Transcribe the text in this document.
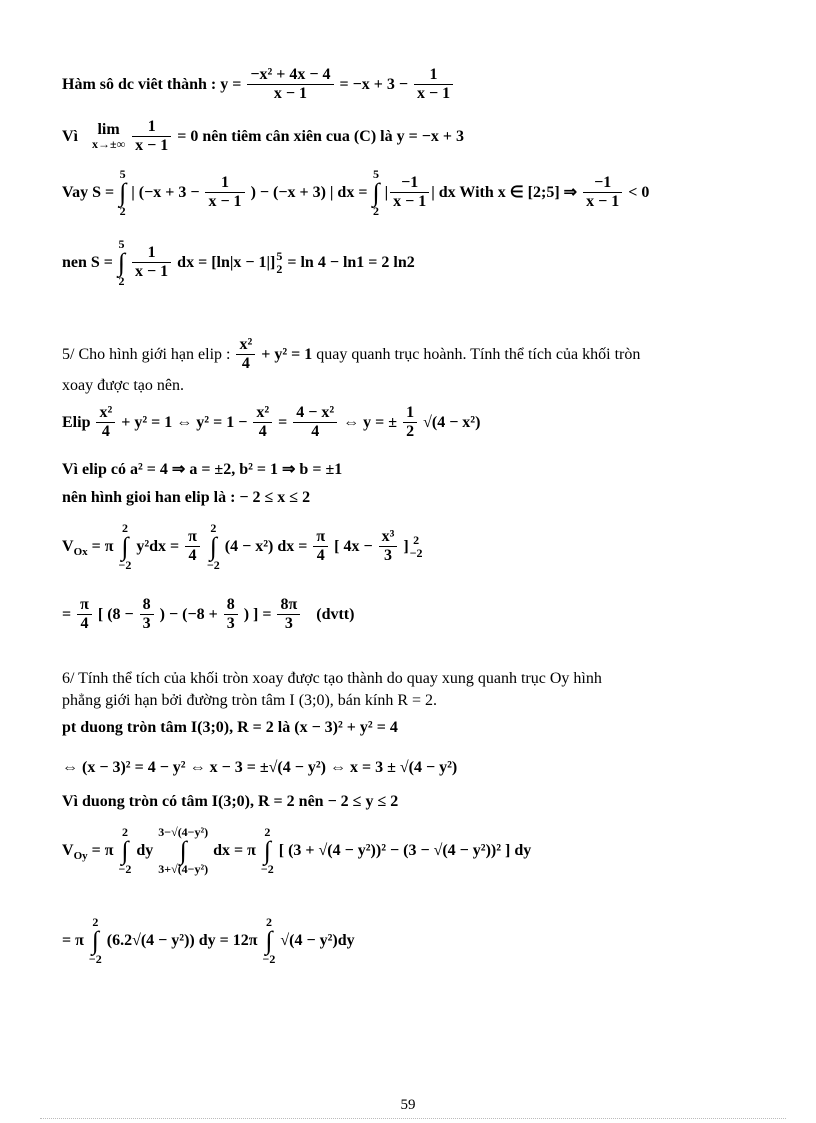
Hàm sô dc viêt thành : $y = \frac{\text{−x² + 4x − 4}}{x - 1} = -x + 3 - \frac{1}{x - 1}$
Vì	lim
x→±∞
$\frac{1}{x - 1} = 0$ nên tiêm cân xiên cua (C) là y = −x + 3
Vay S =
5
∫
2
| ($-x + 3 - \frac{1}{x - 1}$ ) − (−x + 3) | dx =
5
∫
2
| $\frac{-1}{x - 1}$ | dx With x ∈ [2;5] ⇒ $\frac{-1}{x - 1} < 0$
nen S =
5
∫
2
$\frac{1}{x - 1}$ dx = [ln|x − 1|] 5
2 = ln 4 − ln1 = 2 ln2
5/ Cho hình giới hạn elip : $\frac{\text{x²}}{4} + y^2 = 1$ quay quanh trục hoành. Tính thể tích của khối tròn
xoay được tạo nên.
Elip $\frac{\text{x²}}{4} + y^2 = 1$ ⇔ $y^2 = 1 - \frac{\text{x²}}{4} = \frac{\text{4 − x²}}{4}$ ⇔ y = ± $\frac{1}{2} √(4 - x^2)$
Vì elip có a² = 4 ⇒ a = ±2, b² = 1 ⇒ b = ±1
nên hình gioi han elip là : − 2 ≤ x ≤ 2
$V_{Ox} = \pi$
2
∫
−2
$y^2dx = \frac{\pi}{4}$
2
∫
−2
(4 − x²) dx = $\frac{\pi}{4}$ [ $4x - \frac{\text{x³}}{3}$ ] 2
−2
= $\frac{\pi}{4}$ [ ($8 - \frac{8}{3}$ ) − ($-8 + \frac{8}{3}$ ) ] = $\frac{8\pi}{3}$ (dvtt)
6/ Tính thể tích của khối tròn xoay được tạo thành do quay xung quanh trục Oy hình
phẳng giới hạn bởi đường tròn tâm I (3;0), bán kính R = 2.
pt duong tròn tâm I(3;0), R = 2 là (x − 3)² + y² = 4
⇔ (x − 3)² = 4 − y² ⇔ x − 3 = ±√(4 − y²) ⇔ x = 3 ± √(4 − y²)
Vì duong tròn có tâm I(3;0), R = 2 nên − 2 ≤ y ≤ 2
$V_{Oy} = \pi$
2
∫
−2
dy
3−√(4−y²)
∫
3+√(4−y²)
dx = π
2
∫
−2
[ (3 + √(4 − y²))² − (3 − √(4 − y²))² ] dy
= π
2
∫
−2
(6.2√(4 − y²)) dy = 12π
2
∫
−2
√(4 − y²)dy
59
